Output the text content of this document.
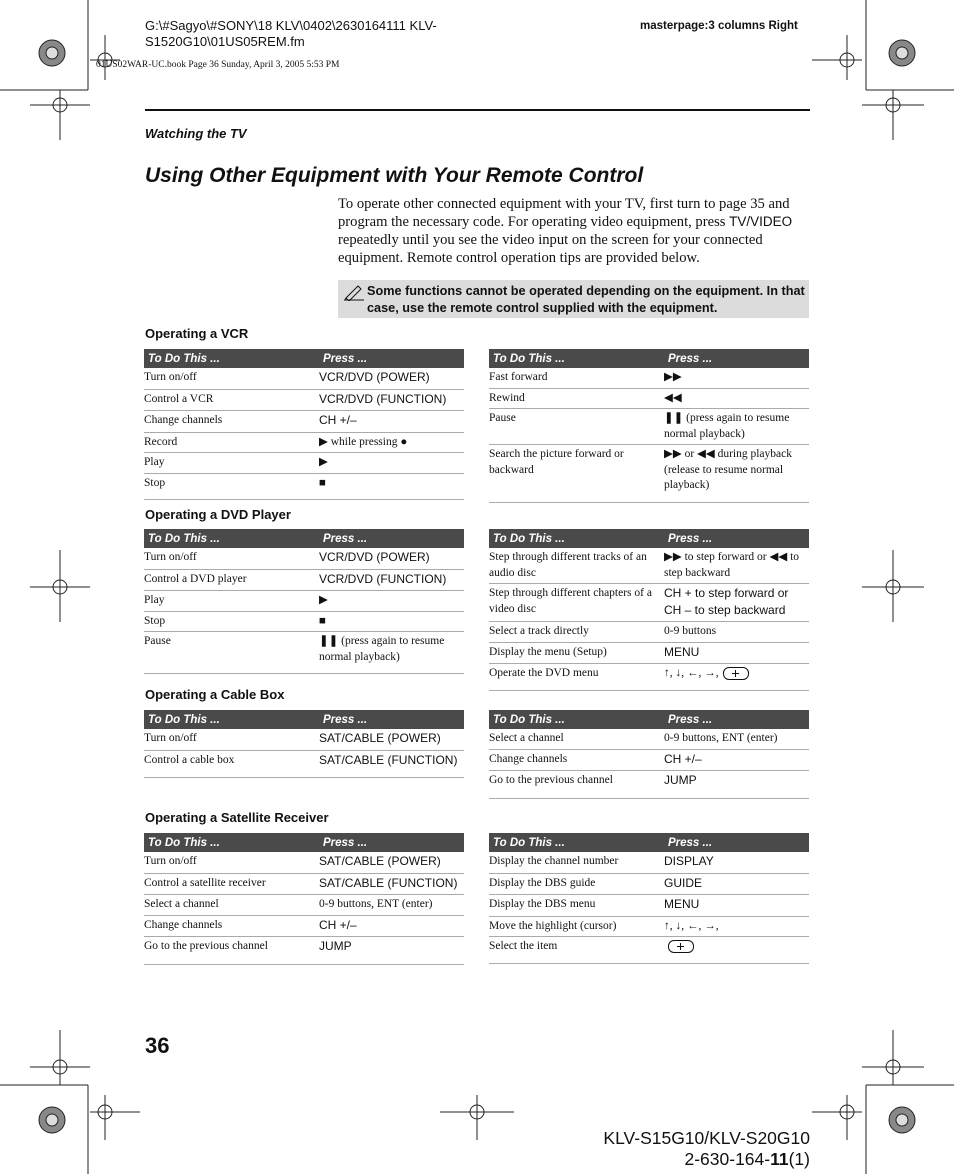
G:\#Sagyo\#SONY\18 KLV\0402\2630164111 KLV-
S1520G10\01US05REM.fm
01US02WAR-UC.book Page 36 Sunday, April 3, 2005 5:53 PM
masterpage:3 columns Right
Watching the TV
Using Other Equipment with Your Remote Control
To operate other connected equipment with your TV, first turn to page 35 and program the necessary code. For operating video equipment, press TV/VIDEO repeatedly until you see the video input on the screen for your connected equipment. Remote control operation tips are provided below.
Some functions cannot be operated depending on the equipment. In that case, use the remote control supplied with the equipment.
Operating a VCR
To Do This ...	Press ...
Turn on/off	VCR/DVD (POWER)
Control a VCR	VCR/DVD (FUNCTION)
Change channels	CH +/–
Record	▶ while pressing ●
Play	▶
Stop	■
To Do This ...	Press ...
Fast forward	▶▶
Rewind	◀◀
Pause	❚❚ (press again to resume normal playback)
Search the picture forward or backward	▶▶ or ◀◀ during playback (release to resume normal playback)
Operating a DVD Player
To Do This ...	Press ...
Turn on/off	VCR/DVD (POWER)
Control a DVD player	VCR/DVD (FUNCTION)
Play	▶
Stop	■
Pause	❚❚ (press again to resume normal playback)
To Do This ...	Press ...
Step through different tracks of an audio disc	▶▶ to step forward or ◀◀ to step backward
Step through different chapters of a video disc	CH + to step forward or CH – to step backward
Select a track directly	0-9 buttons
Display the menu (Setup)	MENU
Operate the DVD menu	↑, ↓, ←, →,
Operating a Cable Box
To Do This ...	Press ...
Turn on/off	SAT/CABLE (POWER)
Control a cable box	SAT/CABLE (FUNCTION)
To Do This ...	Press ...
Select a channel	0-9 buttons, ENT (enter)
Change channels	CH +/–
Go to the previous channel	JUMP
Operating a Satellite Receiver
To Do This ...	Press ...
Turn on/off	SAT/CABLE (POWER)
Control a satellite receiver	SAT/CABLE (FUNCTION)
Select a channel	0-9 buttons, ENT (enter)
Change channels	CH +/–
Go to the previous channel	JUMP
To Do This ...	Press ...
Display the channel number	DISPLAY
Display the DBS guide	GUIDE
Display the DBS menu	MENU
Move the highlight (cursor)	↑, ↓, ←, →,
Select the item	
36
KLV-S15G10/KLV-S20G10
2-630-164-11(1)
